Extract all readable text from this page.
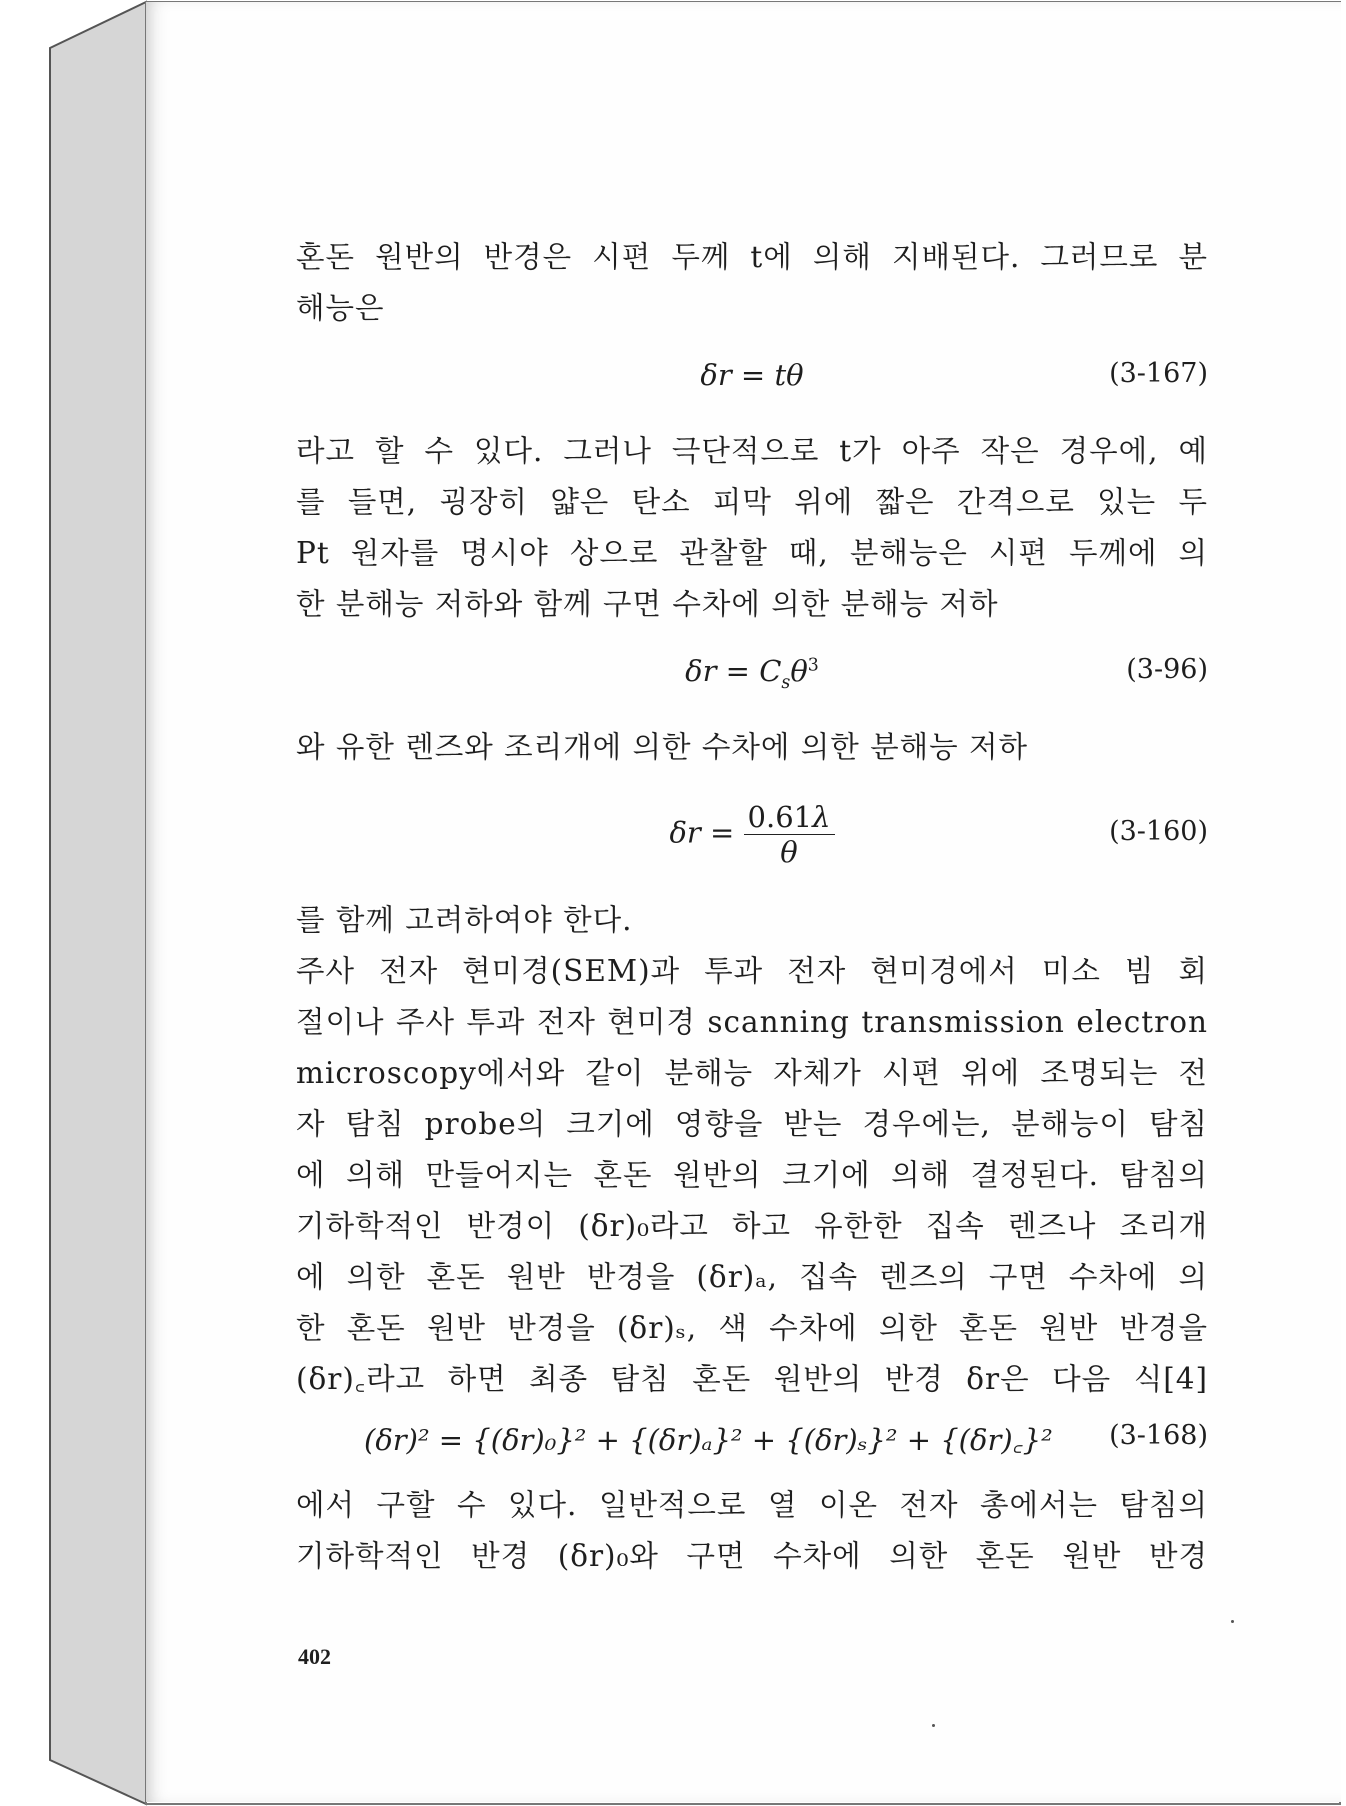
혼돈 원반의 반경은 시편 두께 t에 의해 지배된다. 그러므로 분
해능은
δr = tθ	(3-167)
라고 할 수 있다. 그러나 극단적으로 t가 아주 작은 경우에, 예
를 들면, 굉장히 얇은 탄소 피막 위에 짧은 간격으로 있는 두
Pt 원자를 명시야 상으로 관찰할 때, 분해능은 시편 두께에 의
한 분해능 저하와 함께 구면 수차에 의한 분해능 저하
$\delta r = C_s\theta^3$	(3-96)
와 유한 렌즈와 조리개에 의한 수차에 의한 분해능 저하
$\delta r = \frac{0.61\lambda}{\theta}$	(3-160)
를 함께 고려하여야 한다.
주사 전자 현미경(SEM)과 투과 전자 현미경에서 미소 빔 회
절이나 주사 투과 전자 현미경 scanning transmission electron
microscopy에서와 같이 분해능 자체가 시편 위에 조명되는 전
자 탐침 probe의 크기에 영향을 받는 경우에는, 분해능이 탐침
에 의해 만들어지는 혼돈 원반의 크기에 의해 결정된다. 탐침의
기하학적인 반경이 (δr)₀라고 하고 유한한 집속 렌즈나 조리개
에 의한 혼돈 원반 반경을 (δr)ₐ, 집속 렌즈의 구면 수차에 의
한 혼돈 원반 반경을 (δr)ₛ, 색 수차에 의한 혼돈 원반 반경을
(δr)꜀라고 하면 최종 탐침 혼돈 원반의 반경 δr은 다음 식[4]
(δr)² = {(δr)₀}² + {(δr)ₐ}² + {(δr)ₛ}² + {(δr)꜀}²	(3-168)
에서 구할 수 있다. 일반적으로 열 이온 전자 총에서는 탐침의
기하학적인 반경 (δr)₀와 구면 수차에 의한 혼돈 원반 반경
402
